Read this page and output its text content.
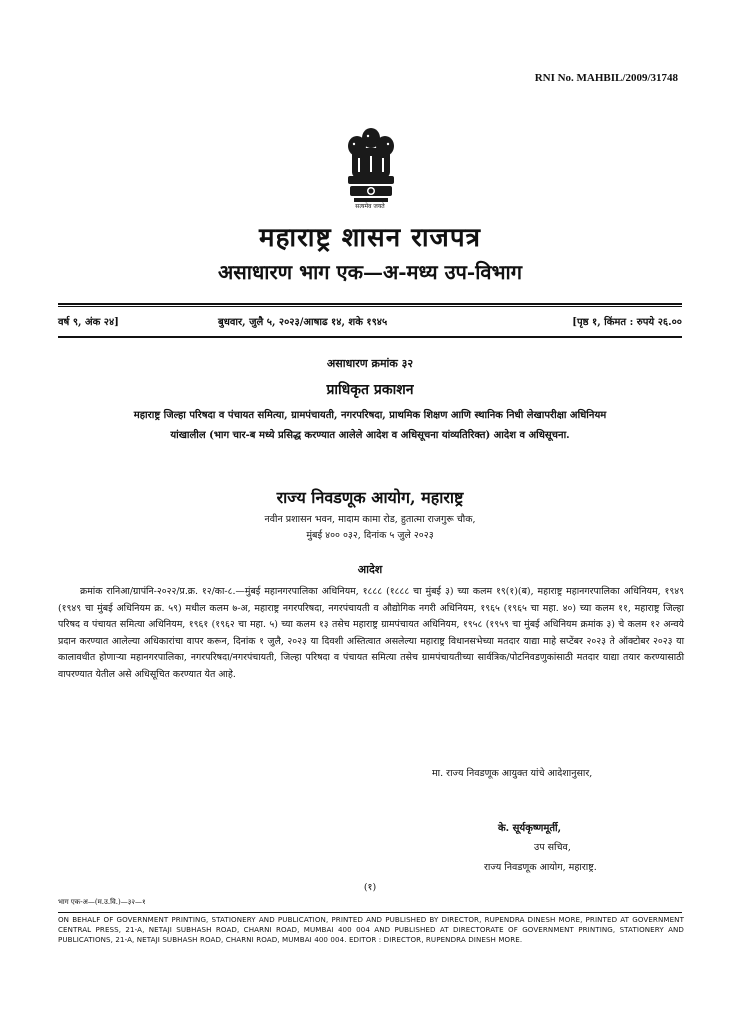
RNI No. MAHBIL/2009/31748
सत्यमेव जयते
महाराष्ट्र शासन राजपत्र
असाधारण भाग एक—अ-मध्य उप-विभाग
वर्ष ९, अंक २४]	बुधवार, जुलै ५, २०२३/आषाढ १४, शके १९४५	[पृष्ठ १, किंमत : रुपये २६.००
असाधारण क्रमांक ३२
प्राधिकृत प्रकाशन
महाराष्ट्र जिल्हा परिषदा व पंचायत समित्या, ग्रामपंचायती, नगरपरिषदा, प्राथमिक शिक्षण आणि स्थानिक निधी लेखापरीक्षा अधिनियम यांखालील (भाग चार-ब मध्ये प्रसिद्ध करण्यात आलेले आदेश व अधिसूचना यांव्यतिरिक्त) आदेश व अधिसूचना.
राज्य निवडणूक आयोग, महाराष्ट्र
नवीन प्रशासन भवन, मादाम कामा रोड, हुतात्मा राजगुरू चौक,
मुंबई ४०० ०३२, दिनांक ५ जुले २०२३
आदेश
क्रमांक रानिआ/ग्रापंनि-२०२२/प्र.क्र. १२/का-८.—मुंबई महानगरपालिका अधिनियम, १८८८ (१८८८ चा मुंबई ३) च्या कलम १९(१)(ब), महाराष्ट्र महानगरपालिका अधिनियम, १९४९ (१९४९ चा मुंबई अधिनियम क्र. ५९) मधील कलम ७-अ, महाराष्ट्र नगरपरिषदा, नगरपंचायती व औद्योगिक नगरी अधिनियम, १९६५ (१९६५ चा महा. ४०) च्या कलम ११, महाराष्ट्र जिल्हा परिषद व पंचायत समित्या अधिनियम, १९६१ (१९६२ चा महा. ५) च्या कलम १३ तसेच महाराष्ट्र ग्रामपंचायत अधिनियम, १९५८ (१९५९ चा मुंबई अधिनियम क्रमांक ३) चे कलम १२ अन्वये प्रदान करण्यात आलेल्या अधिकारांचा वापर करून, दिनांक १ जुलै, २०२३ या दिवशी अस्तित्वात असलेल्या महाराष्ट्र विधानसभेच्या मतदार याद्या माहे सप्टेंबर २०२३ ते ऑक्टोबर २०२३ या कालावधीत होणाऱ्या महानगरपालिका, नगरपरिषदा/नगरपंचायती, जिल्हा परिषदा व पंचायत समित्या तसेच ग्रामपंचायतीच्या सार्वत्रिक/पोटनिवडणुकांसाठी मतदार याद्या तयार करण्यासाठी वापरण्यात येतील असे अधिसूचित करण्यात येत आहे.
मा. राज्य निवडणूक आयुक्त यांचे आदेशानुसार,
के. सूर्यकृष्णमूर्ती,
उप सचिव,
राज्य निवडणूक आयोग, महाराष्ट्र.
(१)
भाग एक-अ—(म.उ.वि.)—३२—१
ON BEHALF OF GOVERNMENT PRINTING, STATIONERY AND PUBLICATION, PRINTED AND PUBLISHED BY DIRECTOR, RUPENDRA DINESH MORE, PRINTED AT GOVERNMENT CENTRAL PRESS, 21-A, NETAJI SUBHASH ROAD, CHARNI ROAD, MUMBAI 400 004 AND PUBLISHED AT DIRECTORATE OF GOVERNMENT PRINTING, STATIONERY AND PUBLICATIONS, 21-A, NETAJI SUBHASH ROAD, CHARNI ROAD, MUMBAI 400 004. EDITOR : DIRECTOR, RUPENDRA DINESH MORE.
